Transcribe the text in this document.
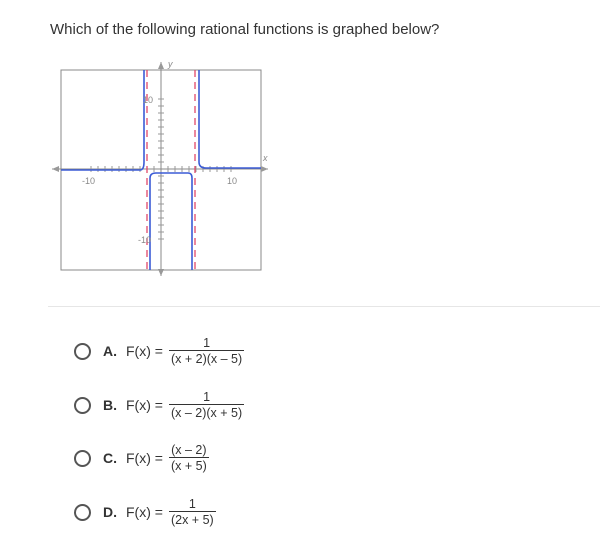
Which of the following rational functions is graphed below?
y
x
-10	10
10
-10
A. $F(x) = \frac{1}{(x + 2)(x - 5)}$
B. $F(x) = \frac{1}{(x - 2)(x + 5)}$
C. $F(x) = \frac{(x - 2)}{(x + 5)}$
D. $F(x) = \frac{1}{(2x + 5)}$
